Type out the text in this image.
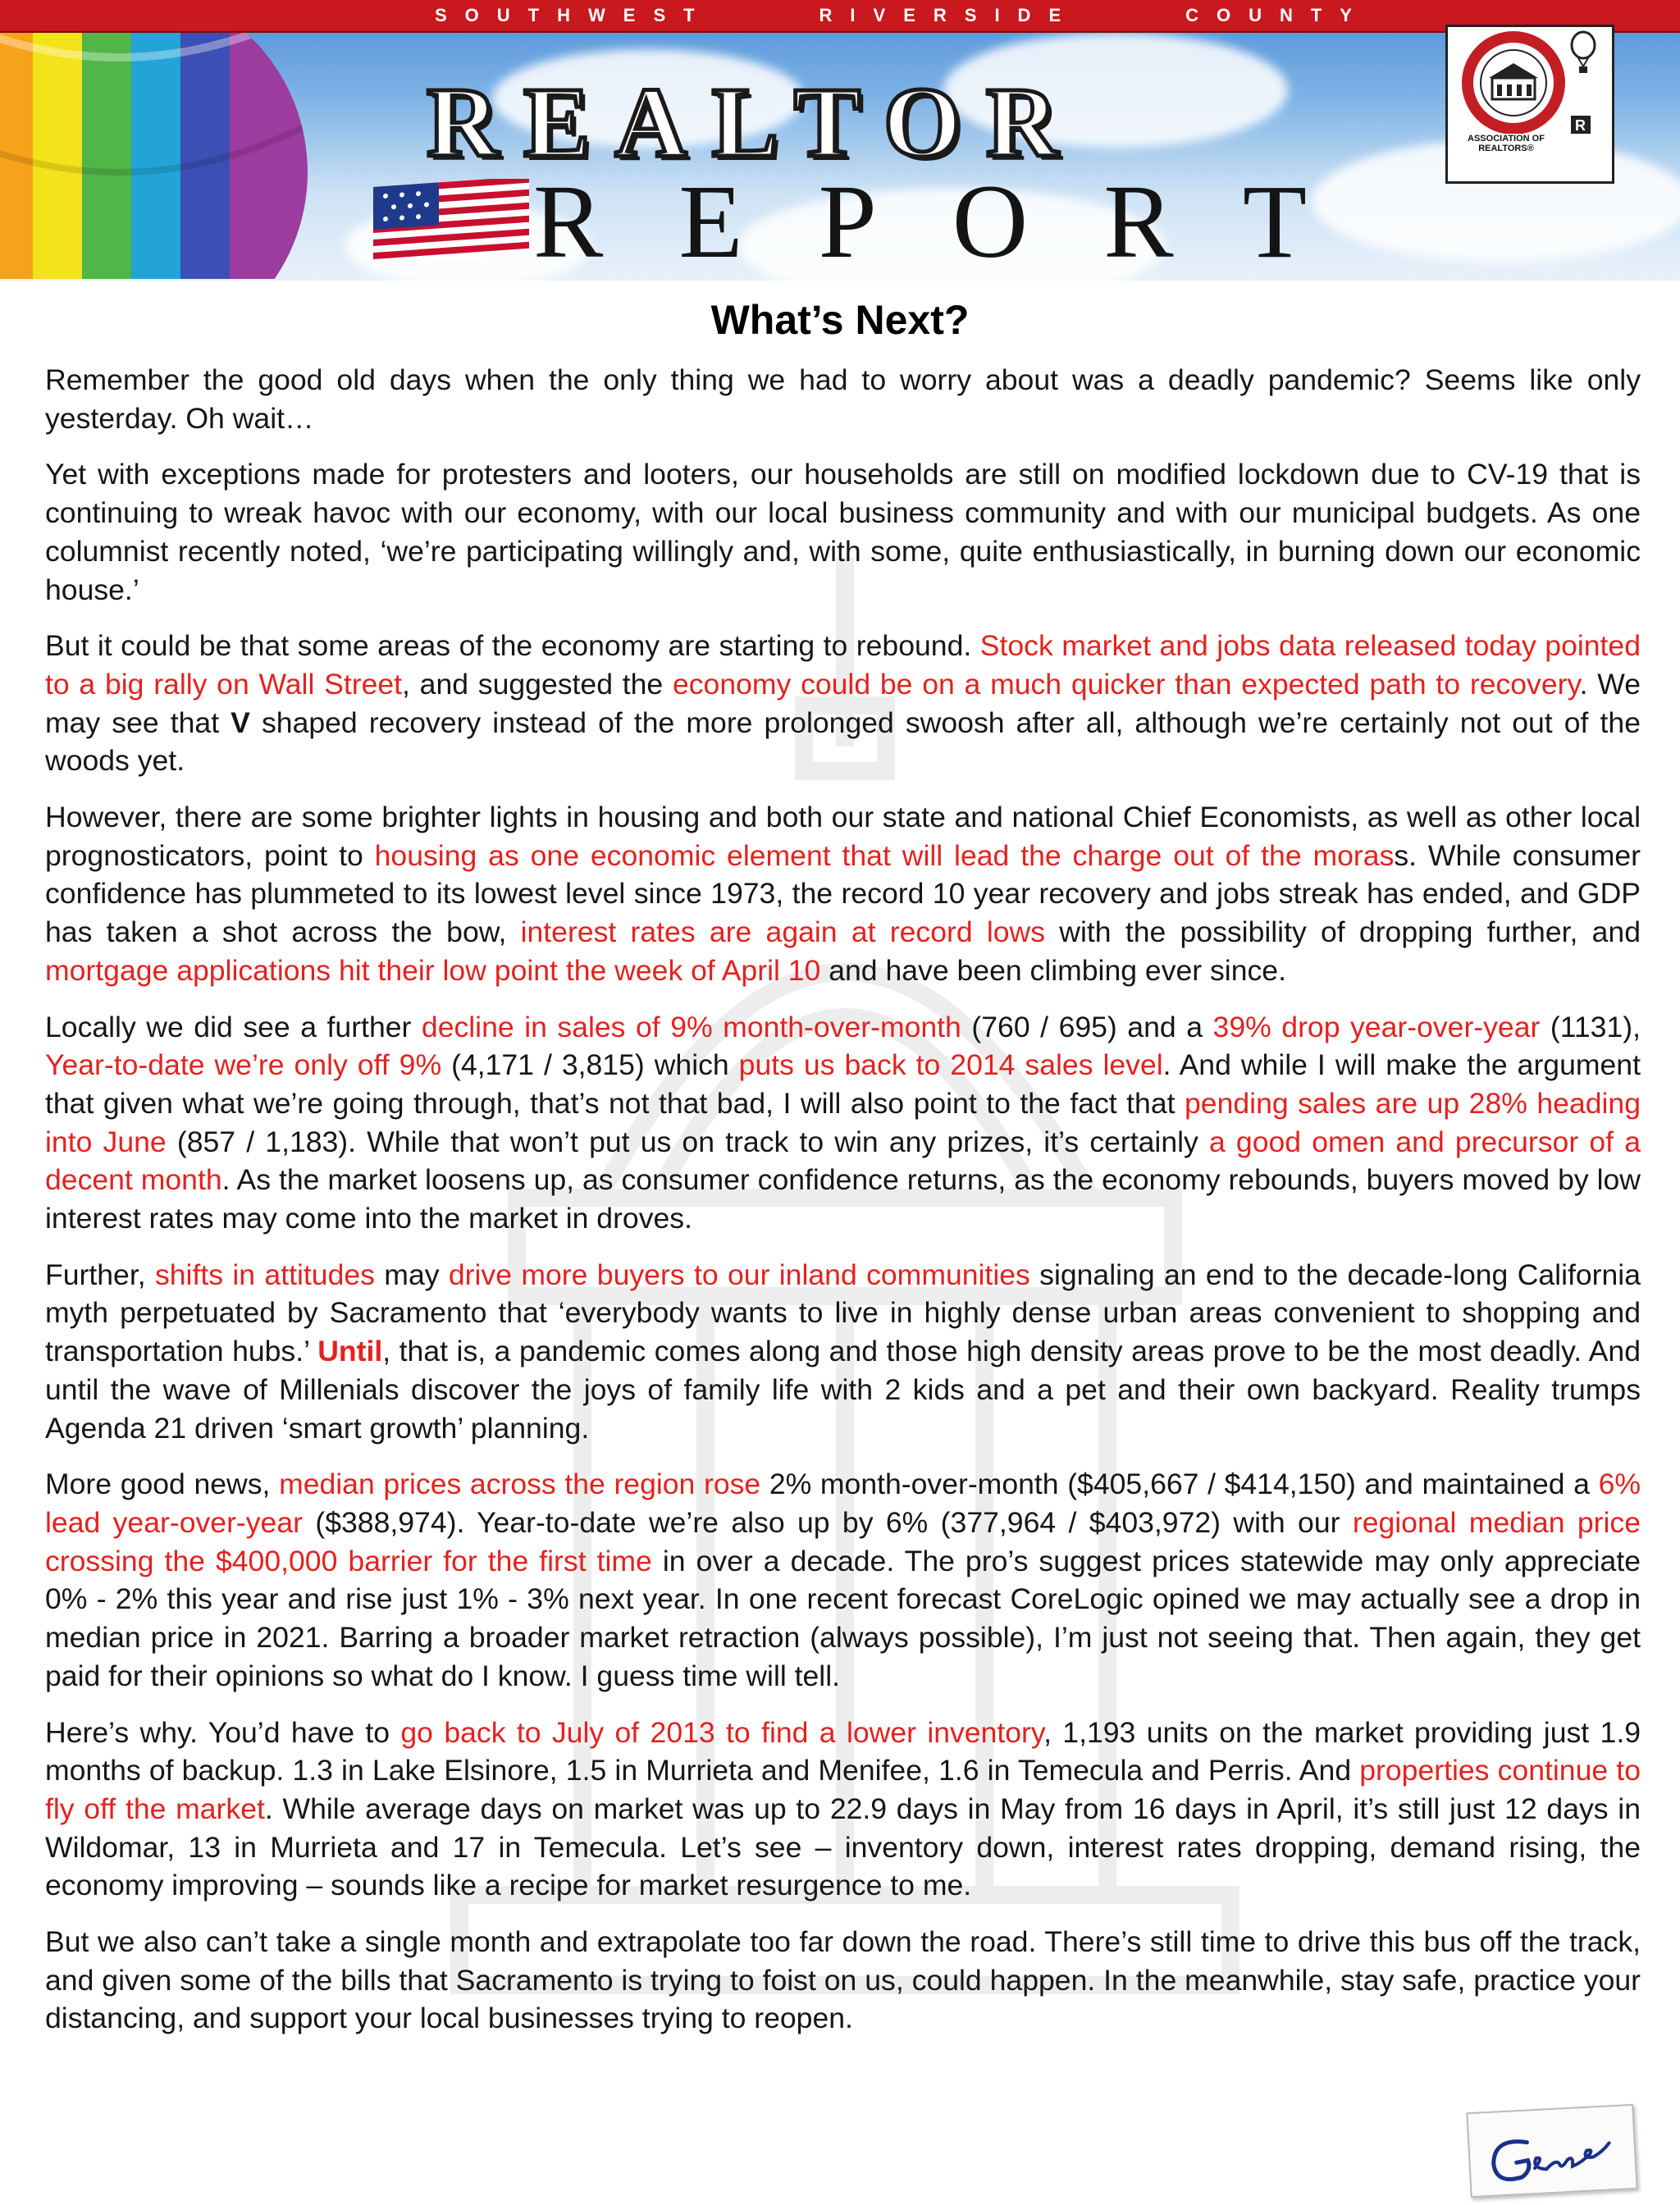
SOUTHWEST	RIVERSIDE	COUNTY
REALTOR
REPORT
R
ASSOCIATION OF REALTORS®
What’s Next?

Remember the good old days when the only thing we had to worry about was a deadly pandemic? Seems like only yesterday. Oh wait…

Yet with exceptions made for protesters and looters, our households are still on modified lockdown due to CV-19 that is continuing to wreak havoc with our economy, with our local business community and with our municipal budgets. As one columnist recently noted, ‘we’re participating willingly and, with some, quite enthusiastically, in burning down our economic house.’

But it could be that some areas of the economy are starting to rebound. Stock market and jobs data released today pointed to a big rally on Wall Street, and suggested the economy could be on a much quicker than expected path to recovery. We may see that V shaped recovery instead of the more prolonged swoosh after all, although we’re certainly not out of the woods yet.

However, there are some brighter lights in housing and both our state and national Chief Economists, as well as other local prognosticators, point to housing as one economic element that will lead the charge out of the morass. While consumer confidence has plummeted to its lowest level since 1973, the record 10 year recovery and jobs streak has ended, and GDP has taken a shot across the bow, interest rates are again at record lows with the possibility of dropping further, and mortgage applications hit their low point the week of April 10 and have been climbing ever since.

Locally we did see a further decline in sales of 9% month-over-month (760 / 695) and a 39% drop year-over-year (1131), Year-to-date we’re only off 9% (4,171 / 3,815) which puts us back to 2014 sales level. And while I will make the argument that given what we’re going through, that’s not that bad, I will also point to the fact that pending sales are up 28% heading into June (857 / 1,183). While that won’t put us on track to win any prizes, it’s certainly a good omen and precursor of a decent month. As the market loosens up, as consumer confidence returns, as the economy rebounds, buyers moved by low interest rates may come into the market in droves.

Further, shifts in attitudes may drive more buyers to our inland communities signaling an end to the decade-long California myth perpetuated by Sacramento that ‘everybody wants to live in highly dense urban areas convenient to shopping and transportation hubs.’ Until, that is, a pandemic comes along and those high density areas prove to be the most deadly. And until the wave of Millenials discover the joys of family life with 2 kids and a pet and their own backyard. Reality trumps Agenda 21 driven ‘smart growth’ planning.

More good news, median prices across the region rose 2% month-over-month ($405,667 / $414,150) and maintained a 6% lead year-over-year ($388,974). Year-to-date we’re also up by 6% (377,964 / $403,972) with our regional median price crossing the $400,000 barrier for the first time in over a decade. The pro’s suggest prices statewide may only appreciate 0% - 2% this year and rise just 1% - 3% next year. In one recent forecast CoreLogic opined we may actually see a drop in median price in 2021. Barring a broader market retraction (always possible), I’m just not seeing that. Then again, they get paid for their opinions so what do I know. I guess time will tell.

Here’s why. You’d have to go back to July of 2013 to find a lower inventory, 1,193 units on the market providing just 1.9 months of backup. 1.3 in Lake Elsinore, 1.5 in Murrieta and Menifee, 1.6 in Temecula and Perris. And properties continue to fly off the market. While average days on market was up to 22.9 days in May from 16 days in April, it’s still just 12 days in Wildomar, 13 in Murrieta and 17 in Temecula. Let’s see – inventory down, interest rates dropping, demand rising, the economy improving – sounds like a recipe for market resurgence to me.

But we also can’t take a single month and extrapolate too far down the road. There’s still time to drive this bus off the track, and given some of the bills that Sacramento is trying to foist on us, could happen. In the meanwhile, stay safe, practice your distancing, and support your local businesses trying to reopen.
